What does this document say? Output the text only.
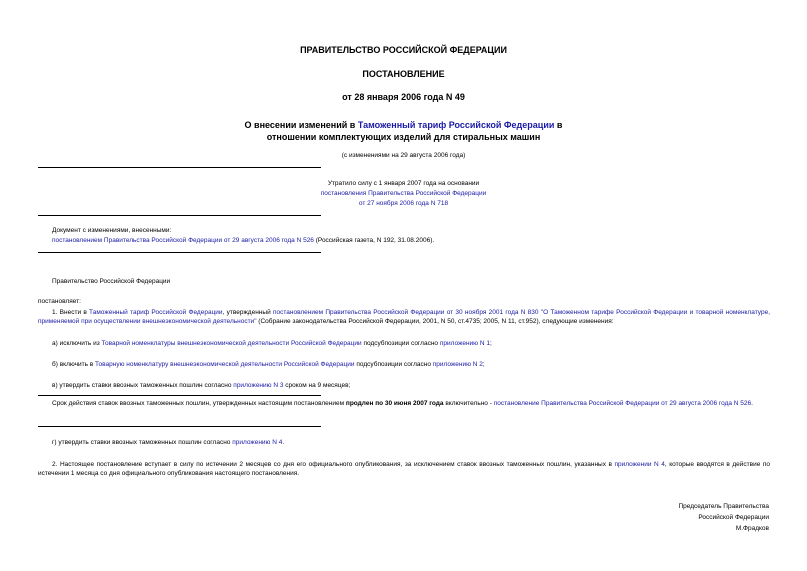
ПРАВИТЕЛЬСТВО РОССИЙСКОЙ ФЕДЕРАЦИИ
ПОСТАНОВЛЕНИЕ
от 28 января 2006 года N 49
О внесении изменений в Таможенный тариф Российской Федерации в
отношении комплектующих изделий для стиральных машин
(с изменениями на 29 августа 2006 года)
Утратило силу с 1 января 2007 года на основании
постановления Правительства Российской Федерации
от 27 ноября 2006 года N 718
Документ с изменениями, внесенными:
постановлением Правительства Российской Федерации от 29 августа 2006 года N 526 (Российская газета, N 192, 31.08.2006).
Правительство Российской Федерации
постановляет:
1. Внести в Таможенный тариф Российской Федерации, утвержденный постановлением Правительства Российской Федерации от 30 ноября 2001 года N 830 "О Таможенном тарифе Российской Федерации и товарной номенклатуре, применяемой при осуществлении внешнеэкономической деятельности" (Собрание законодательства Российской Федерации, 2001, N 50, ст.4735; 2005, N 11, ст.952), следующие изменения:
а) исключить из Товарной номенклатуры внешнеэкономической деятельности Российской Федерации подсубпозиции согласно приложению N 1;
б) включить в Товарную номенклатуру внешнеэкономической деятельности Российской Федерации подсубпозиции согласно приложению N 2;
в) утвердить ставки ввозных таможенных пошлин согласно приложению N 3 сроком на 9 месяцев;
Срок действия ставок ввозных таможенных пошлин, утвержденных настоящим постановлением продлен по 30 июня 2007 года включительно - постановление Правительства Российской Федерации от 29 августа 2006 года N 526.
г) утвердить ставки ввозных таможенных пошлин согласно приложению N 4.
2. Настоящее постановление вступает в силу по истечении 2 месяцев со дня его официального опубликования, за исключением ставок ввозных таможенных пошлин, указанных в приложении N 4, которые вводятся в действие по истечении 1 месяца со дня официального опубликования настоящего постановления.
Председатель Правительства
Российской Федерации
М.Фрадков
